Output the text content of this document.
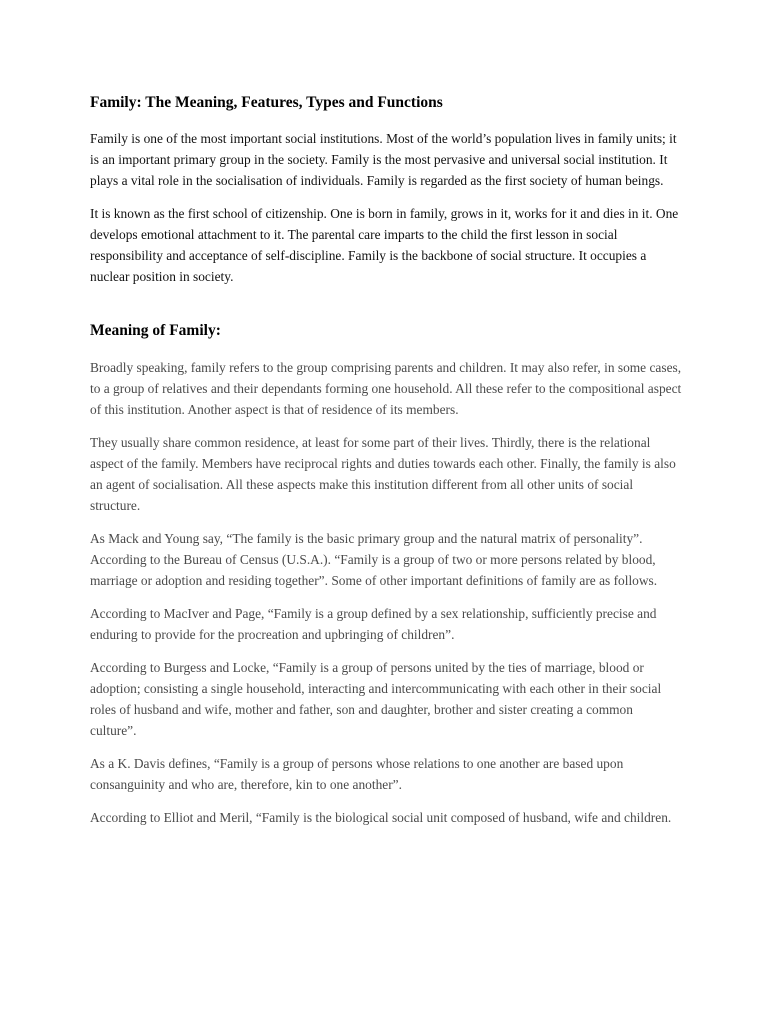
Family: The Meaning, Features, Types and Functions

Family is one of the most important social institutions. Most of the world’s population lives in family units; it is an important primary group in the society. Family is the most pervasive and universal social institution. It plays a vital role in the socialisation of individuals. Family is regarded as the first society of human beings.

It is known as the first school of citizenship. One is born in family, grows in it, works for it and dies in it. One develops emotional attachment to it. The parental care imparts to the child the first lesson in social responsibility and acceptance of self-discipline. Family is the backbone of social structure. It occupies a nuclear position in society.

Meaning of Family:

Broadly speaking, family refers to the group comprising parents and children. It may also refer, in some cases, to a group of relatives and their dependants forming one household. All these refer to the compositional aspect of this institution. Another aspect is that of residence of its members.

They usually share common residence, at least for some part of their lives. Thirdly, there is the relational aspect of the family. Members have reciprocal rights and duties towards each other. Finally, the family is also an agent of socialisation. All these aspects make this institution different from all other units of social structure.

As Mack and Young say, “The family is the basic primary group and the natural matrix of personality”. According to the Bureau of Census (U.S.A.). “Family is a group of two or more persons related by blood, marriage or adoption and residing together”. Some of other important definitions of family are as follows.

According to MacIver and Page, “Family is a group defined by a sex relationship, sufficiently precise and enduring to provide for the procreation and upbringing of children”.

According to Burgess and Locke, “Family is a group of persons united by the ties of marriage, blood or adoption; consisting a single household, interacting and intercommunicating with each other in their social roles of husband and wife, mother and father, son and daughter, brother and sister creating a common culture”.

As a K. Davis defines, “Family is a group of persons whose relations to one another are based upon consanguinity and who are, therefore, kin to one another”.

According to Elliot and Meril, “Family is the biological social unit composed of husband, wife and children.
